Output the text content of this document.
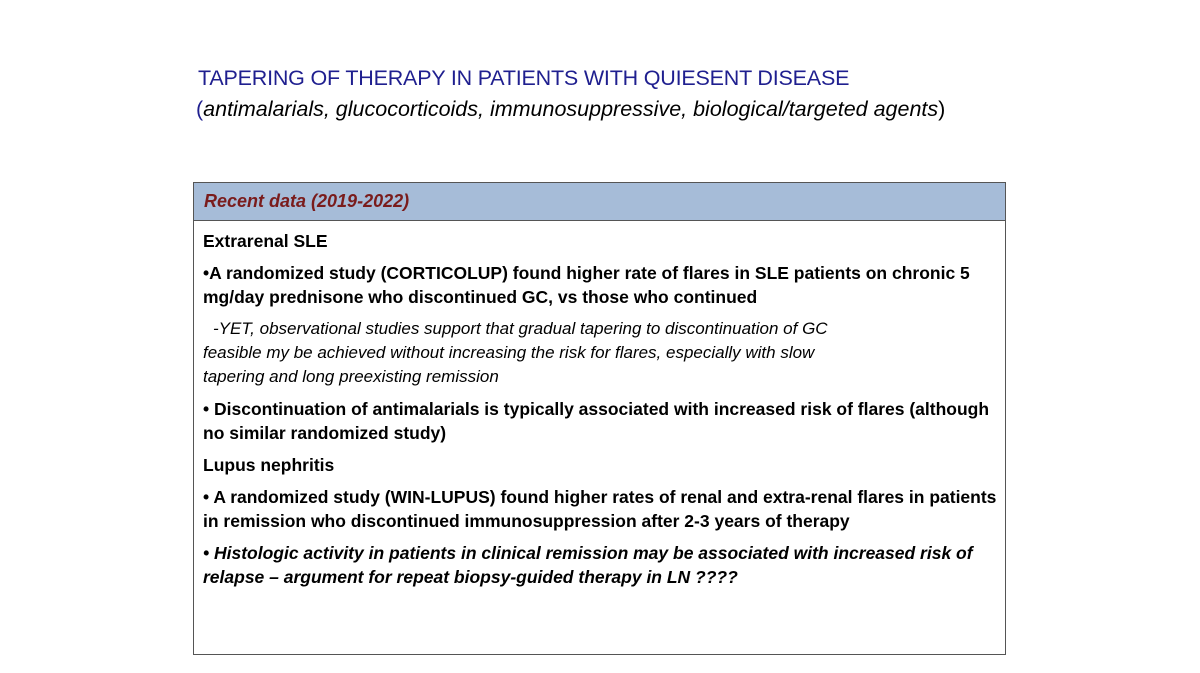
TAPERING OF THERAPY IN PATIENTS WITH QUIESENT DISEASE
(antimalarials, glucocorticoids, immunosuppressive, biological/targeted agents)
Recent data (2019-2022)
Extrarenal SLE
•A randomized study (CORTICOLUP) found higher rate of flares in SLE patients on chronic 5 mg/day prednisone who discontinued GC, vs those who continued
-YET, observational studies support that gradual tapering to discontinuation of GC
feasible my be achieved without increasing the risk for flares, especially with slow
tapering and long preexisting remission
• Discontinuation of antimalarials is typically associated with increased risk of flares (although no similar randomized study)
Lupus nephritis
• A randomized study (WIN-LUPUS) found higher rates of renal and extra-renal flares in patients in remission who discontinued immunosuppression after 2-3 years of therapy
• Histologic activity in patients in clinical remission may be associated with increased risk of relapse – argument for repeat biopsy-guided therapy in LN ????
